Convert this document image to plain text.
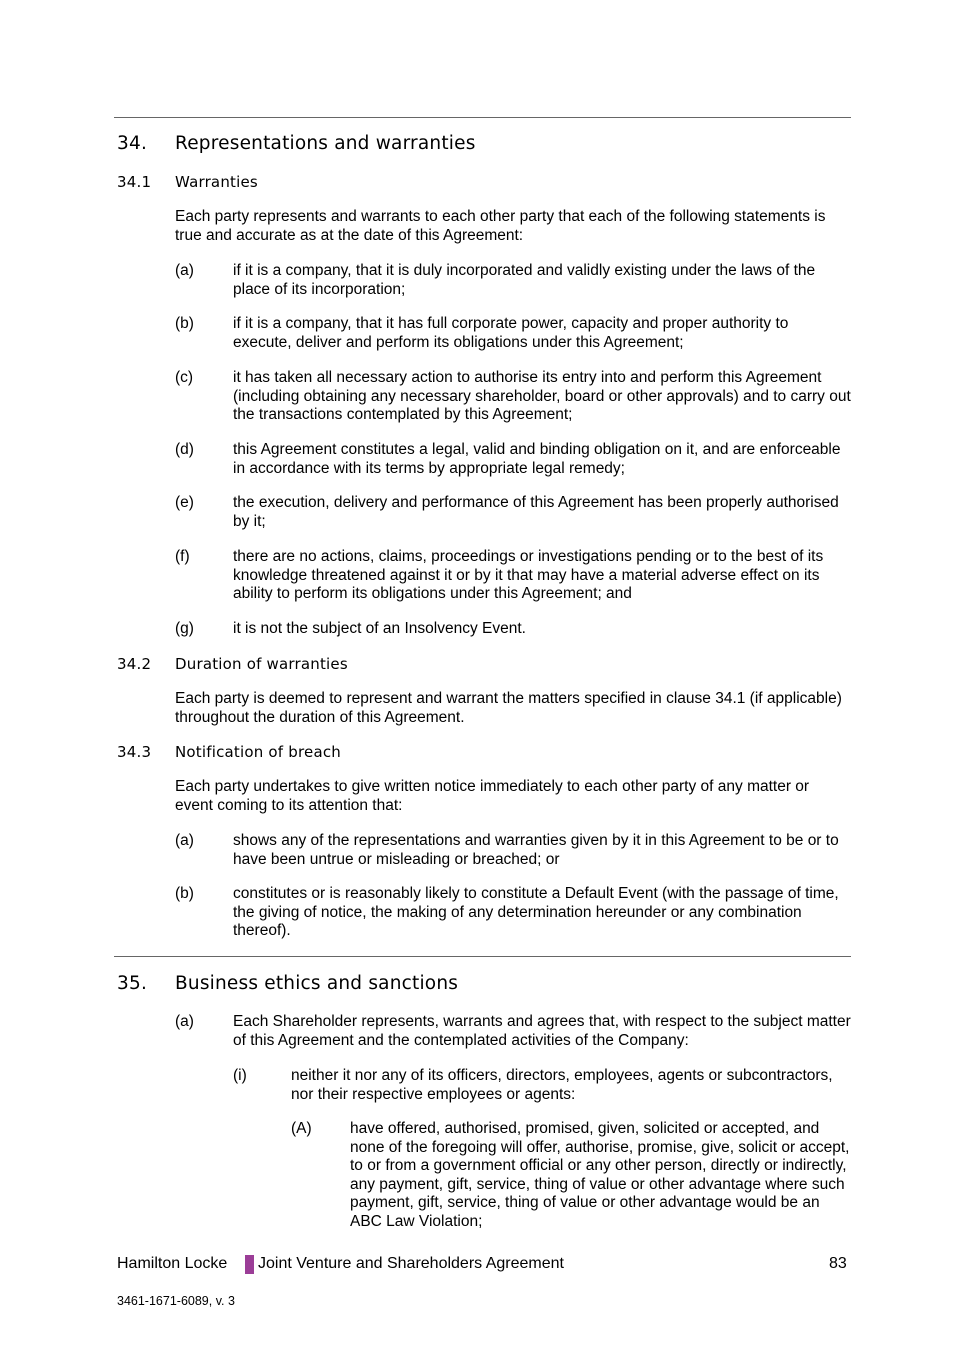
34. Representations and warranties
34.1 Warranties
Each party represents and warrants to each other party that each of the following statements is true and accurate as at the date of this Agreement:
(a)	if it is a company, that it is duly incorporated and validly existing under the laws of the place of its incorporation;
(b)	if it is a company, that it has full corporate power, capacity and proper authority to execute, deliver and perform its obligations under this Agreement;
(c)	it has taken all necessary action to authorise its entry into and perform this Agreement (including obtaining any necessary shareholder, board or other approvals) and to carry out the transactions contemplated by this Agreement;
(d)	this Agreement constitutes a legal, valid and binding obligation on it, and are enforceable in accordance with its terms by appropriate legal remedy;
(e)	the execution, delivery and performance of this Agreement has been properly authorised by it;
(f)	there are no actions, claims, proceedings or investigations pending or to the best of its knowledge threatened against it or by it that may have a material adverse effect on its ability to perform its obligations under this Agreement; and
(g)	it is not the subject of an Insolvency Event.
34.2 Duration of warranties
Each party is deemed to represent and warrant the matters specified in clause 34.1 (if applicable) throughout the duration of this Agreement.
34.3 Notification of breach
Each party undertakes to give written notice immediately to each other party of any matter or event coming to its attention that:
(a)	shows any of the representations and warranties given by it in this Agreement to be or to have been untrue or misleading or breached; or
(b)	constitutes or is reasonably likely to constitute a Default Event (with the passage of time, the giving of notice, the making of any determination hereunder or any combination thereof).
35. Business ethics and sanctions
(a)	Each Shareholder represents, warrants and agrees that, with respect to the subject matter of this Agreement and the contemplated activities of the Company:
(i)	neither it nor any of its officers, directors, employees, agents or subcontractors, nor their respective employees or agents:
(A) have offered, authorised, promised, given, solicited or accepted, and none of the foregoing will offer, authorise, promise, give, solicit or accept, to or from a government official or any other person, directly or indirectly, any payment, gift, service, thing of value or other advantage where such payment, gift, service, thing of value or other advantage would be an ABC Law Violation;
Hamilton Locke Joint Venture and Shareholders Agreement	83
3461-1671-6089, v. 3
